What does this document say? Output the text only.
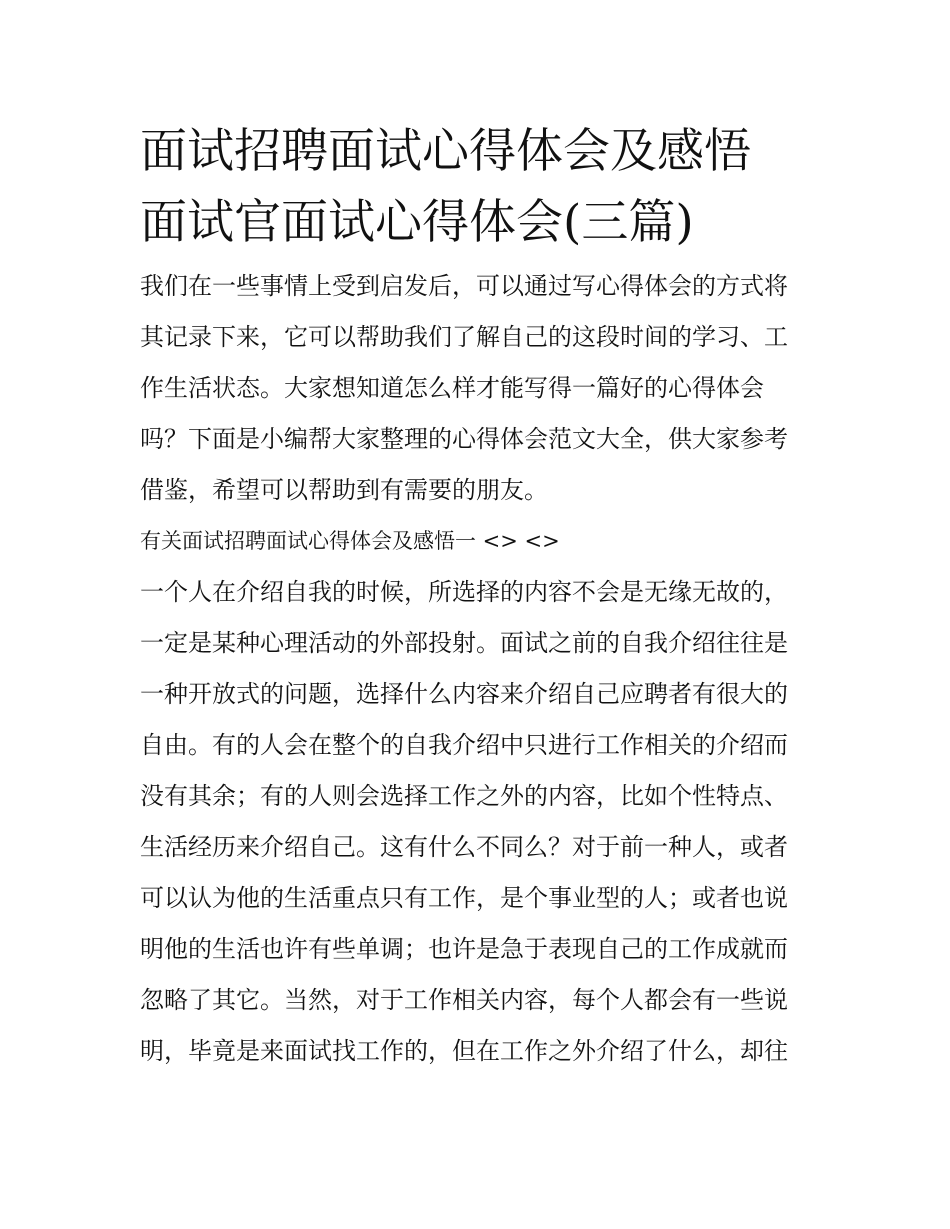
面试招聘面试心得体会及感悟
面试官面试心得体会(三篇)
我们在一些事情上受到启发后，可以通过写心得体会的方式将
其记录下来，它可以帮助我们了解自己的这段时间的学习、工
作生活状态。大家想知道怎么样才能写得一篇好的心得体会
吗？下面是小编帮大家整理的心得体会范文大全，供大家参考
借鉴，希望可以帮助到有需要的朋友。
有关面试招聘面试心得体会及感悟一 <> <>
一个人在介绍自我的时候，所选择的内容不会是无缘无故的，
一定是某种心理活动的外部投射。面试之前的自我介绍往往是
一种开放式的问题，选择什么内容来介绍自己应聘者有很大的
自由。有的人会在整个的自我介绍中只进行工作相关的介绍而
没有其余；有的人则会选择工作之外的内容，比如个性特点、
生活经历来介绍自己。这有什么不同么？对于前一种人，或者
可以认为他的生活重点只有工作，是个事业型的人；或者也说
明他的生活也许有些单调；也许是急于表现自己的工作成就而
忽略了其它。当然，对于工作相关内容，每个人都会有一些说
明，毕竟是来面试找工作的，但在工作之外介绍了什么，却往
